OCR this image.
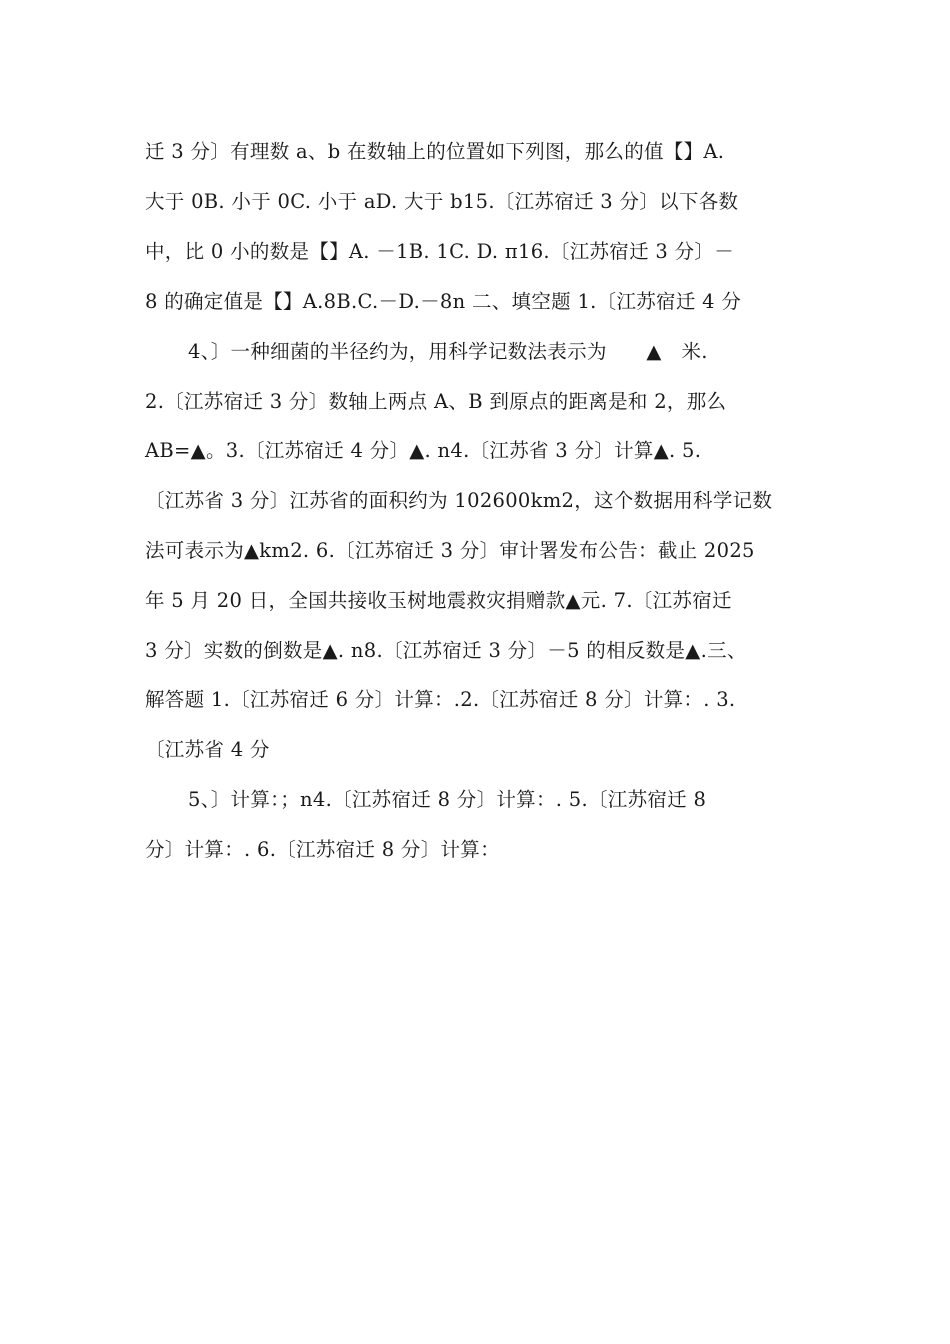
迁 3 分〕有理数 a、b 在数轴上的位置如下列图，那么的值【】A.
大于 0B. 小于 0C. 小于 aD. 大于 b15.〔江苏宿迁 3 分〕以下各数
中，比 0 小的数是【】A. －1B. 1C. D. π16.〔江苏宿迁 3 分〕－
8 的确定值是【】A.8B.C.－D.－8n 二、填空题 1.〔江苏宿迁 4 分
4、〕一种细菌的半径约为，用科学记数法表示为　　▲　米.
2.〔江苏宿迁 3 分〕数轴上两点 A、B 到原点的距离是和 2，那么
AB=▲。3.〔江苏宿迁 4 分〕▲. n4.〔江苏省 3 分〕计算▲. 5.
〔江苏省 3 分〕江苏省的面积约为 102600km2，这个数据用科学记数
法可表示为▲km2. 6.〔江苏宿迁 3 分〕审计署发布公告：截止 2025
年 5 月 20 日，全国共接收玉树地震救灾捐赠款▲元. 7.〔江苏宿迁
3 分〕实数的倒数是▲. n8.〔江苏宿迁 3 分〕－5 的相反数是▲.三、
解答题 1.〔江苏宿迁 6 分〕计算：.2.〔江苏宿迁 8 分〕计算：. 3.
〔江苏省 4 分
5、〕计算：；n4.〔江苏宿迁 8 分〕计算：. 5.〔江苏宿迁 8
分〕计算：. 6.〔江苏宿迁 8 分〕计算：
